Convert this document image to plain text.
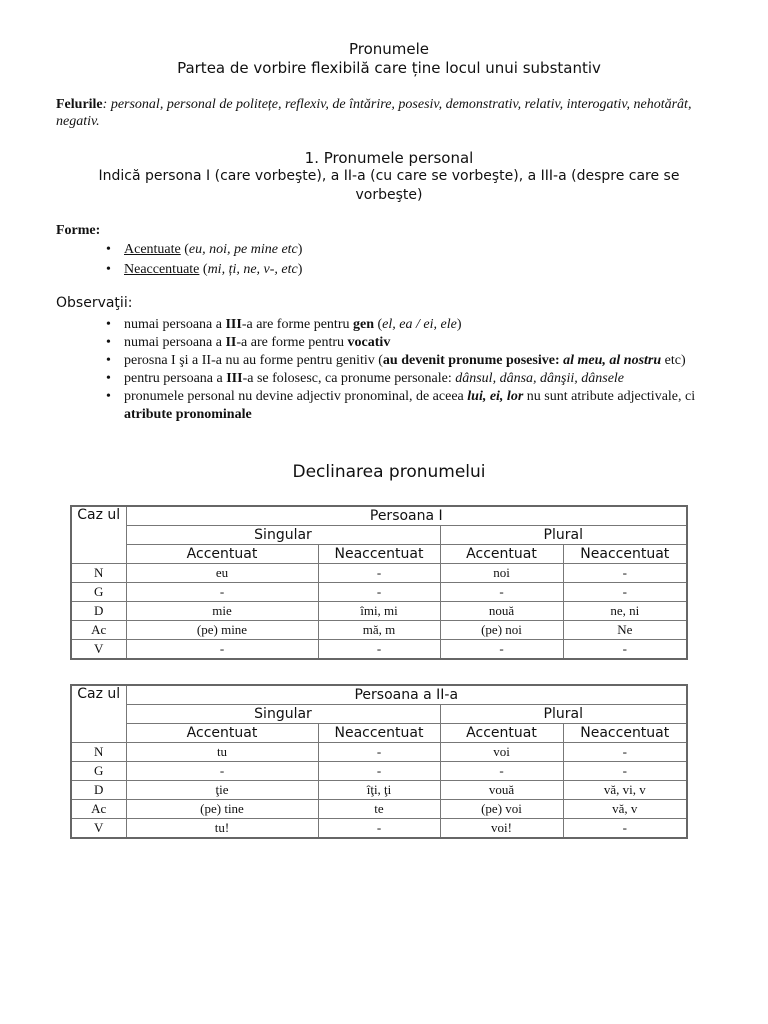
Pronumele
Partea de vorbire flexibilă care ține locul unui substantiv
Felurile: personal, personal de politețe, reflexiv, de întărire, posesiv, demonstrativ, relativ, interogativ, nehotărât, negativ.
1. Pronumele personal
Indică persona I (care vorbeşte), a II-a (cu care se vorbeşte), a III-a (despre care se vorbeşte)
Forme:
• Acentuate (eu, noi, pe mine etc)
• Neaccentuate (mi, ți, ne, v-, etc)
Observaţii:
• numai persoana a III-a are forme pentru gen (el, ea / ei, ele)
• numai persoana a II-a are forme pentru vocativ
• perosna I şi a II-a nu au forme pentru genitiv (au devenit pronume posesive: al meu, al nostru etc)
• pentru persoana a III-a se folosesc, ca pronume personale: dânsul, dânsa, dânşii, dânsele
• pronumele personal nu devine adjectiv pronominal, de aceea lui, ei, lor nu sunt atribute adjectivale, ci atribute pronominale
Declinarea pronumelui
Caz ul	Persoana I			
	Singular		Plural	
	Accentuat	Neaccentuat	Accentuat	Neaccentuat
N	eu	-	noi	-
G	-	-	-	-
D	mie	îmi, mi	nouă	ne, ni
Ac	(pe) mine	mă, m	(pe) noi	Ne
V	-	-	-	-
Caz ul	Persoana a II-a			
	Singular		Plural	
	Accentuat	Neaccentuat	Accentuat	Neaccentuat
N	tu	-	voi	-
G	-	-	-	-
D	ţie	îţi, ţi	vouă	vă, vi, v
Ac	(pe) tine	te	(pe) voi	vă, v
V	tu!	-	voi!	-
